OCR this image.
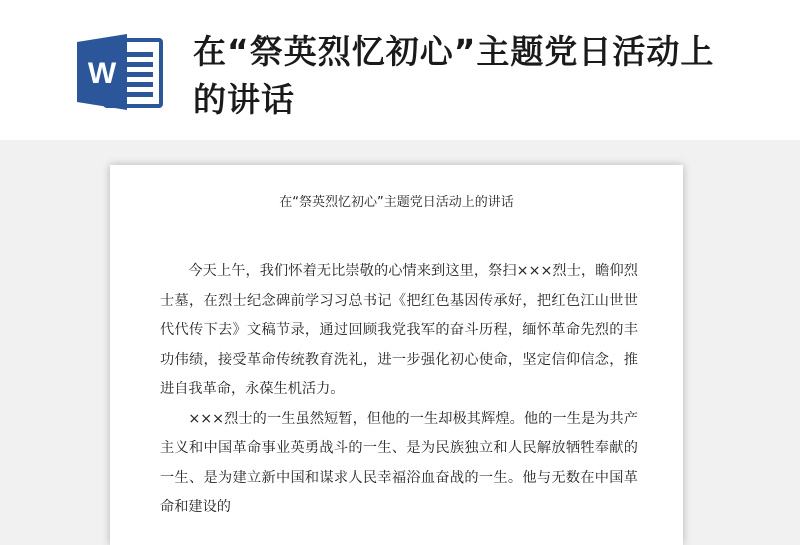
W
在“祭英烈忆初心”主题党日活动上的讲话
在“祭英烈忆初心”主题党日活动上的讲话

今天上午，我们怀着无比崇敬的心情来到这里，祭扫×××烈士，瞻仰烈士墓，在烈士纪念碑前学习习总书记《把红色基因传承好，把红色江山世世代代传下去》文稿节录，通过回顾我党我军的奋斗历程，缅怀革命先烈的丰功伟绩，接受革命传统教育洗礼，进一步强化初心使命，坚定信仰信念，推进自我革命，永葆生机活力。

×××烈士的一生虽然短暂，但他的一生却极其辉煌。他的一生是为共产主义和中国革命事业英勇战斗的一生、是为民族独立和人民解放牺牲奉献的一生、是为建立新中国和谋求人民幸福浴血奋战的一生。他与无数在中国革命和建设的
